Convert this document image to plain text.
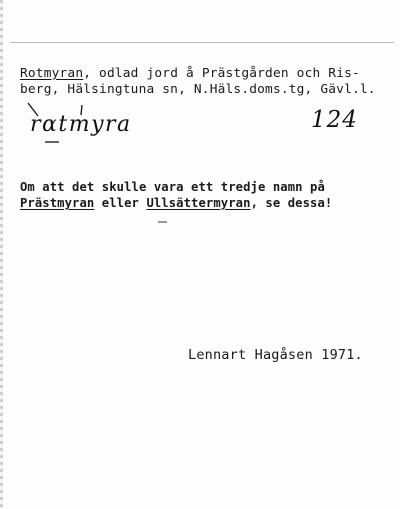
Rotmyran, odlad jord å Prästgården och Ris-
berg, Hälsingtuna sn, N.Häls.doms.tg, Gävl.l.
rαtmyra	124
Om att det skulle vara ett tredje namn på
Prästmyran eller Ullsättermyran, se dessa!
Lennart Hagåsen 1971.
